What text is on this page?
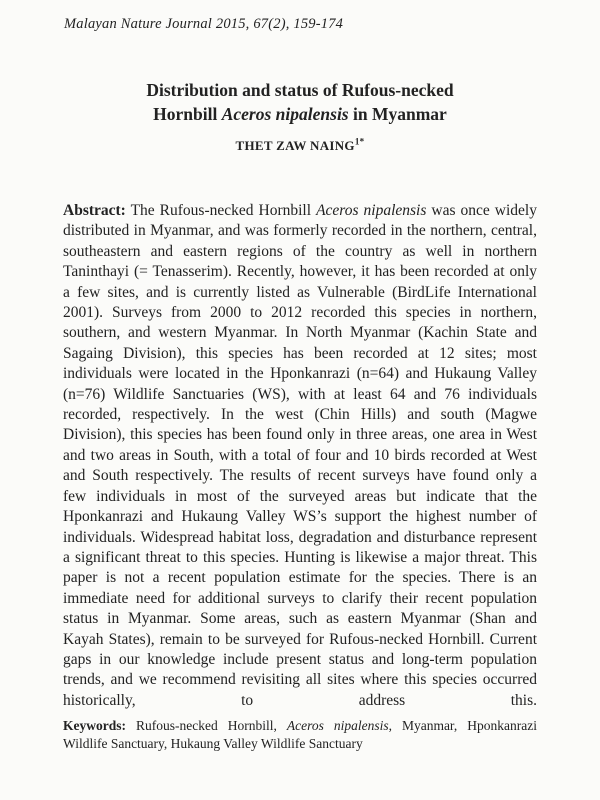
Malayan Nature Journal 2015, 67(2), 159-174
Distribution and status of Rufous-necked
Hornbill Aceros nipalensis in Myanmar
THET ZAW $NAING^{1*}$

Abstract: The Rufous-necked Hornbill Aceros nipalensis was once widely distributed in Myanmar, and was formerly recorded in the northern, central, southeastern and eastern regions of the country as well in northern Taninthayi (= Tenasserim). Recently, however, it has been recorded at only a few sites, and is currently listed as Vulnerable (BirdLife International 2001). Surveys from 2000 to 2012 recorded this species in northern, southern, and western Myanmar. In North Myanmar (Kachin State and Sagaing Division), this species has been recorded at 12 sites; most individuals were located in the Hponkanrazi (n=64) and Hukaung Valley (n=76) Wildlife Sanctuaries (WS), with at least 64 and 76 individuals recorded, respectively. In the west (Chin Hills) and south (Magwe Division), this species has been found only in three areas, one area in West and two areas in South, with a total of four and 10 birds recorded at West and South respectively. The results of recent surveys have found only a few individuals in most of the surveyed areas but indicate that the Hponkanrazi and Hukaung Valley WS’s support the highest number of individuals. Widespread habitat loss, degradation and disturbance represent a significant threat to this species. Hunting is likewise a major threat. This paper is not a recent population estimate for the species. There is an immediate need for additional surveys to clarify their recent population status in Myanmar. Some areas, such as eastern Myanmar (Shan and Kayah States), remain to be surveyed for Rufous-necked Hornbill. Current gaps in our knowledge include present status and long-term population trends, and we recommend revisiting all sites where this species occurred historically, to address this.

Keywords: Rufous-necked Hornbill, Aceros nipalensis, Myanmar, Hponkanrazi Wildlife Sanctuary, Hukaung Valley Wildlife Sanctuary
